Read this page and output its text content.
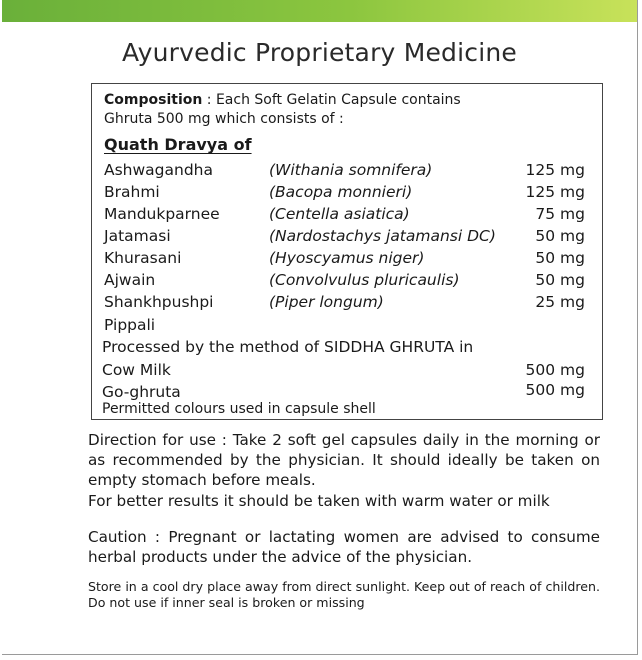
Ayurvedic Proprietary Medicine
Composition : Each Soft Gelatin Capsule contains
Ghruta 500 mg which consists of :
Quath Dravya of
Ashwagandha	(Withania somnifera)	125 mg
Brahmi	(Bacopa monnieri)	125 mg
Mandukparnee	(Centella asiatica)	75 mg
Jatamasi	(Nardostachys jatamansi DC)	50 mg
Khurasani	(Hyoscyamus niger)	50 mg
Ajwain	(Convolvulus pluricaulis)	50 mg
Shankhpushpi	(Piper longum)	25 mg
Pippali
Processed by the method of SIDDHA GHRUTA in
Cow Milk	500 mg
Go-ghruta	500 mg
Permitted colours used in capsule shell
Direction for use : Take 2 soft gel capsules daily in the morning or as recommended by the physician. It should ideally be taken on empty stomach before meals.
For better results it should be taken with warm water or milk
Caution : Pregnant or lactating women are advised to consume herbal products under the advice of the physician.
Store in a cool dry place away from direct sunlight. Keep out of reach of children. Do not use if inner seal is broken or missing
